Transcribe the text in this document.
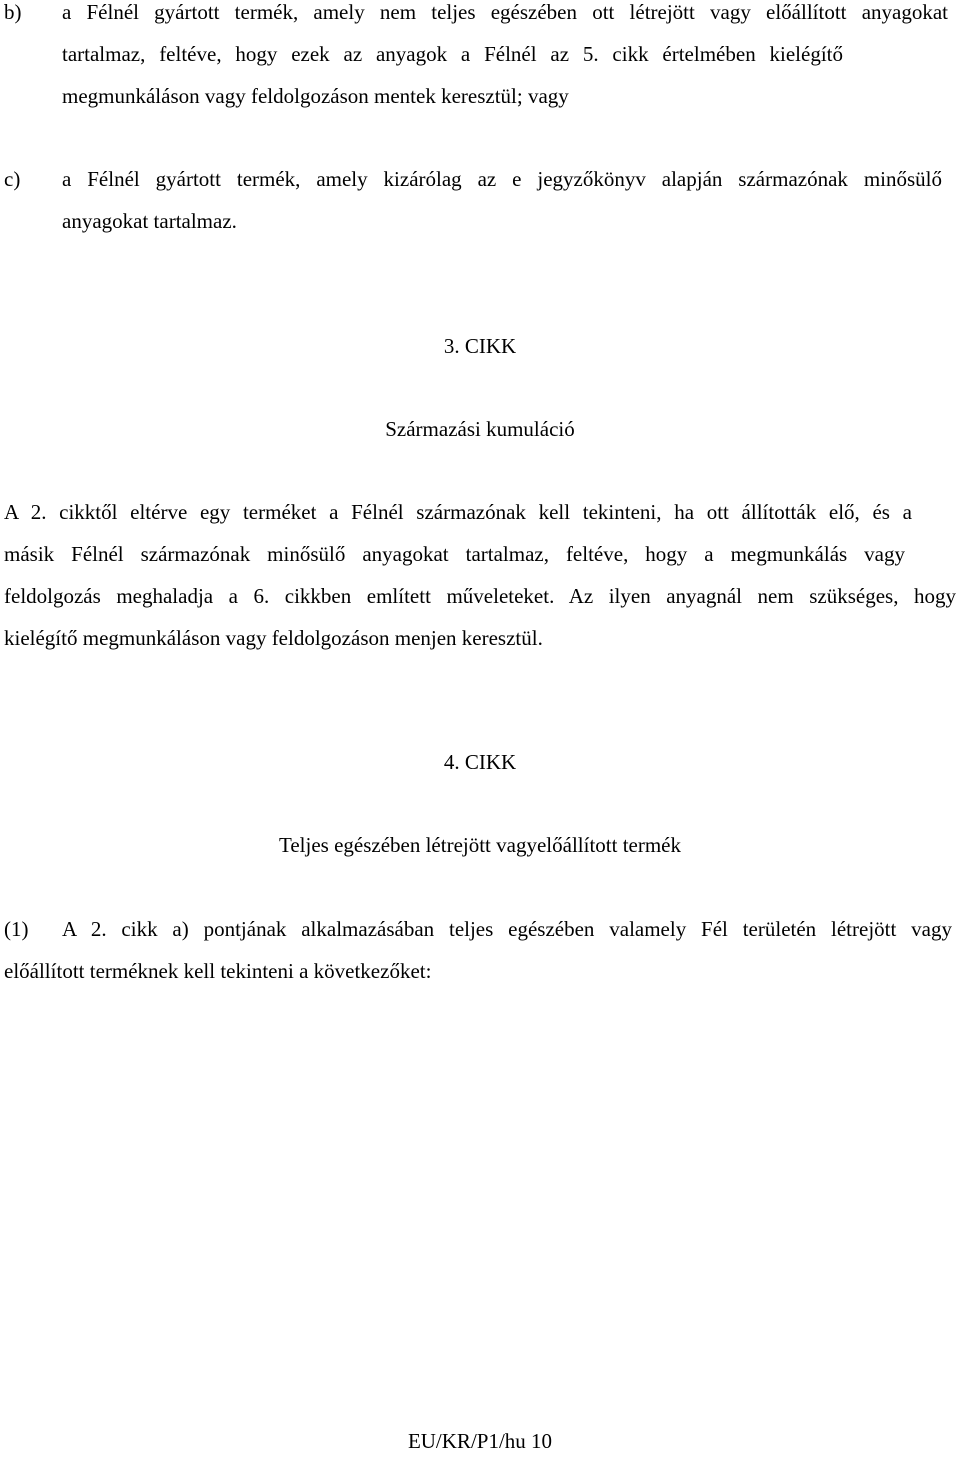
b) a Félnél gyártott termék, amely nem teljes egészében ott létrejött vagy előállított anyagokat
tartalmaz, feltéve, hogy ezek az anyagok a Félnél az 5. cikk értelmében kielégítő
megmunkáláson vagy feldolgozáson mentek keresztül; vagy
c) a Félnél gyártott termék, amely kizárólag az e jegyzőkönyv alapján származónak minősülő
anyagokat tartalmaz.
3. CIKK
Származási kumuláció
A 2. cikktől eltérve egy terméket a Félnél származónak kell tekinteni, ha ott állították elő, és a
másik Félnél származónak minősülő anyagokat tartalmaz, feltéve, hogy a megmunkálás vagy
feldolgozás meghaladja a 6. cikkben említett műveleteket. Az ilyen anyagnál nem szükséges, hogy
kielégítő megmunkáláson vagy feldolgozáson menjen keresztül.
4. CIKK
Teljes egészében létrejött vagyelőállított termék
(1) A 2. cikk a) pontjának alkalmazásában teljes egészében valamely Fél területén létrejött vagy
előállított terméknek kell tekinteni a következőket:
EU/KR/P1/hu 10
